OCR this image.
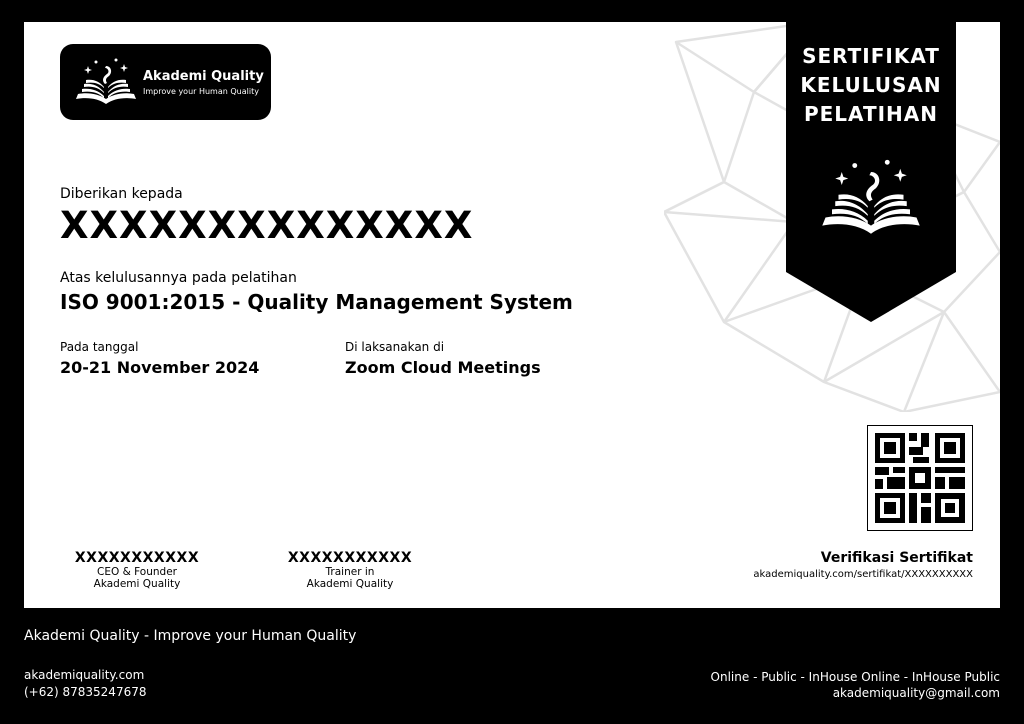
Akademi Quality
Improve your Human Quality
Diberikan kepada
XXXXXXXXXXXXXX
Atas kelulusannya pada pelatihan
ISO 9001:2015 - Quality Management System
Pada tanggal
20-21 November 2024
Di laksanakan di
Zoom Cloud Meetings
SERTIFIKAT
KELULUSAN
PELATIHAN
Verifikasi Sertifikat
akademiquality.com/sertifikat/XXXXXXXXXX
XXXXXXXXXXX
CEO & Founder
Akademi Quality
XXXXXXXXXXX
Trainer in
Akademi Quality
Akademi Quality - Improve your Human Quality
akademiquality.com
(+62) 87835247678
Online - Public - InHouse Online - InHouse Public
akademiquality@gmail.com
